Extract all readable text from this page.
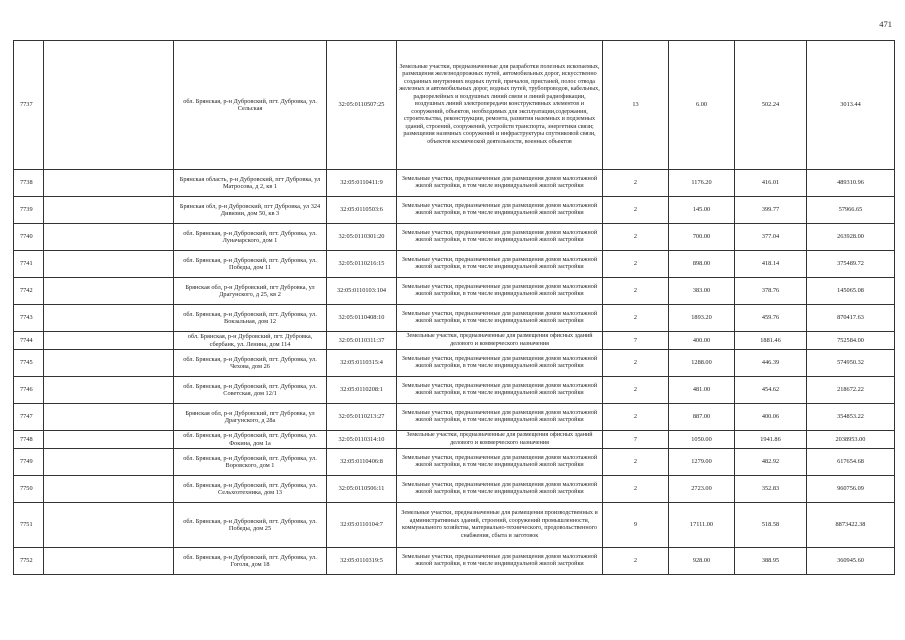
471
7737		обл. Брянская, р-н Дубровский, пгт. Дубровка, ул. Сельская	32:05:0110507:25	Земельные участки, предназначенные для разработки полезных ископаемых, размещения железнодорожных путей, автомобильных дорог, искусственно созданных внутренних водных путей, причалов, пристаней, полос отвода железных и автомобильных дорог, водных путей, трубопроводов, кабельных, радиорелейных и воздушных линий связи и линий радиофикации, воздушных линий электропередачи конструктивных элементов и сооружений, объектов, необходимых для эксплуатации,содержания, строительства, реконструкции, ремонта, развития наземных и подземных зданий, строений, сооружений, устройств транспорта, энергетики связи; размещения наземных сооружений и инфраструктуры спутниковой связи, объектов космической деятельности, военных объектов	13	6.00	502.24	3013.44
7738		Брянская область, р-н Дубровский, пгт Дубровка, ул Матросова, д 2, кв 1	32:05:0110411:9	Земельные участки, предназначенные для размещения домов малоэтажной жилой застройки, в том числе индивидуальной жилой застройки	2	1176.20	416.01	489310.96
7739		Брянская обл, р-н Дубровский, пгт Дубровка, ул 324 Дивизии, дом 50, кв 3	32:05:0110503:6	Земельные участки, предназначенные для размещения домов малоэтажной жилой застройки, в том числе индивидуальной жилой застройки	2	145.00	399.77	57966.65
7740		обл. Брянская, р-н Дубровский, пгт. Дубровка, ул. Луначарского, дом 1	32:05:0110301:20	Земельные участки, предназначенные для размещения домов малоэтажной жилой застройки, в том числе индивидуальной жилой застройки	2	700.00	377.04	263928.00
7741		обл. Брянская, р-н Дубровский, пгт. Дубровка, ул. Победы, дом 11	32:05:0110216:15	Земельные участки, предназначенные для размещения домов малоэтажной жилой застройки, в том числе индивидуальной жилой застройки	2	898.00	418.14	375489.72
7742		Брянская обл, р-н Дубровский, пгт Дубровка, ул Драгунского, д 25, кв 2	32:05:0110103:104	Земельные участки, предназначенные для размещения домов малоэтажной жилой застройки, в том числе индивидуальной жилой застройки	2	383.00	378.76	145065.08
7743		обл. Брянская, р-н Дубровский, пгт. Дубровка, ул. Вокзальная, дом 12	32:05:0110408:10	Земельные участки, предназначенные для размещения домов малоэтажной жилой застройки, в том числе индивидуальной жилой застройки	2	1893.20	459.76	870417.63
7744		обл. Брянская, р-н Дубровский, пгт. Дубровка, сбербанк, ул. Ленина, дом 114	32:05:0110311:37	Земельные участки, предназначенные для размещения офисных зданий делового и коммерческого назначения	7	400.00	1881.46	752584.00
7745		обл. Брянская, р-н Дубровский, пгт. Дубровка, ул. Чехова, дом 26	32:05:0110315:4	Земельные участки, предназначенные для размещения домов малоэтажной жилой застройки, в том числе индивидуальной жилой застройки	2	1288.00	446.39	574950.32
7746		обл. Брянская, р-н Дубровский, пгт. Дубровка, ул. Советская, дом 12/1	32:05:0110208:1	Земельные участки, предназначенные для размещения домов малоэтажной жилой застройки, в том числе индивидуальной жилой застройки	2	481.00	454.62	218672.22
7747		Брянская обл, р-н Дубровский, пгт Дубровка, ул Драгунского, д 28а	32:05:0110213:27	Земельные участки, предназначенные для размещения домов малоэтажной жилой застройки, в том числе индивидуальной жилой застройки	2	887.00	400.06	354853.22
7748		обл. Брянская, р-н Дубровский, пгт. Дубровка, ул. Фокина, дом 1а	32:05:0110314:10	Земельные участки, предназначенные для размещения офисных зданий делового и коммерческого назначения	7	1050.00	1941.86	2038953.00
7749		обл. Брянская, р-н Дубровский, пгт. Дубровка, ул. Воровского, дом 1	32:05:0110406:8	Земельные участки, предназначенные для размещения домов малоэтажной жилой застройки, в том числе индивидуальной жилой застройки	2	1279.00	482.92	617654.68
7750		обл. Брянская, р-н Дубровский, пгт. Дубровка, ул. Сельхозтехника, дом 13	32:05:0110506:11	Земельные участки, предназначенные для размещения домов малоэтажной жилой застройки, в том числе индивидуальной жилой застройки	2	2723.00	352.83	960756.09
7751		обл. Брянская, р-н Дубровский, пгт. Дубровка, ул. Победы, дом 25	32:05:0110104:7	Земельные участки, предназначенные для размещения производственных и административных зданий, строений, сооружений промышленности, коммунального хозяйства, материально-технического, продовольственного снабжения, сбыта и заготовок	9	17111.00	518.58	8873422.38
7752		обл. Брянская, р-н Дубровский, пгт. Дубровка, ул. Гоголя, дом 18	32:05:0110319:5	Земельные участки, предназначенные для размещения домов малоэтажной жилой застройки, в том числе индивидуальной жилой застройки	2	928.00	388.95	360945.60
